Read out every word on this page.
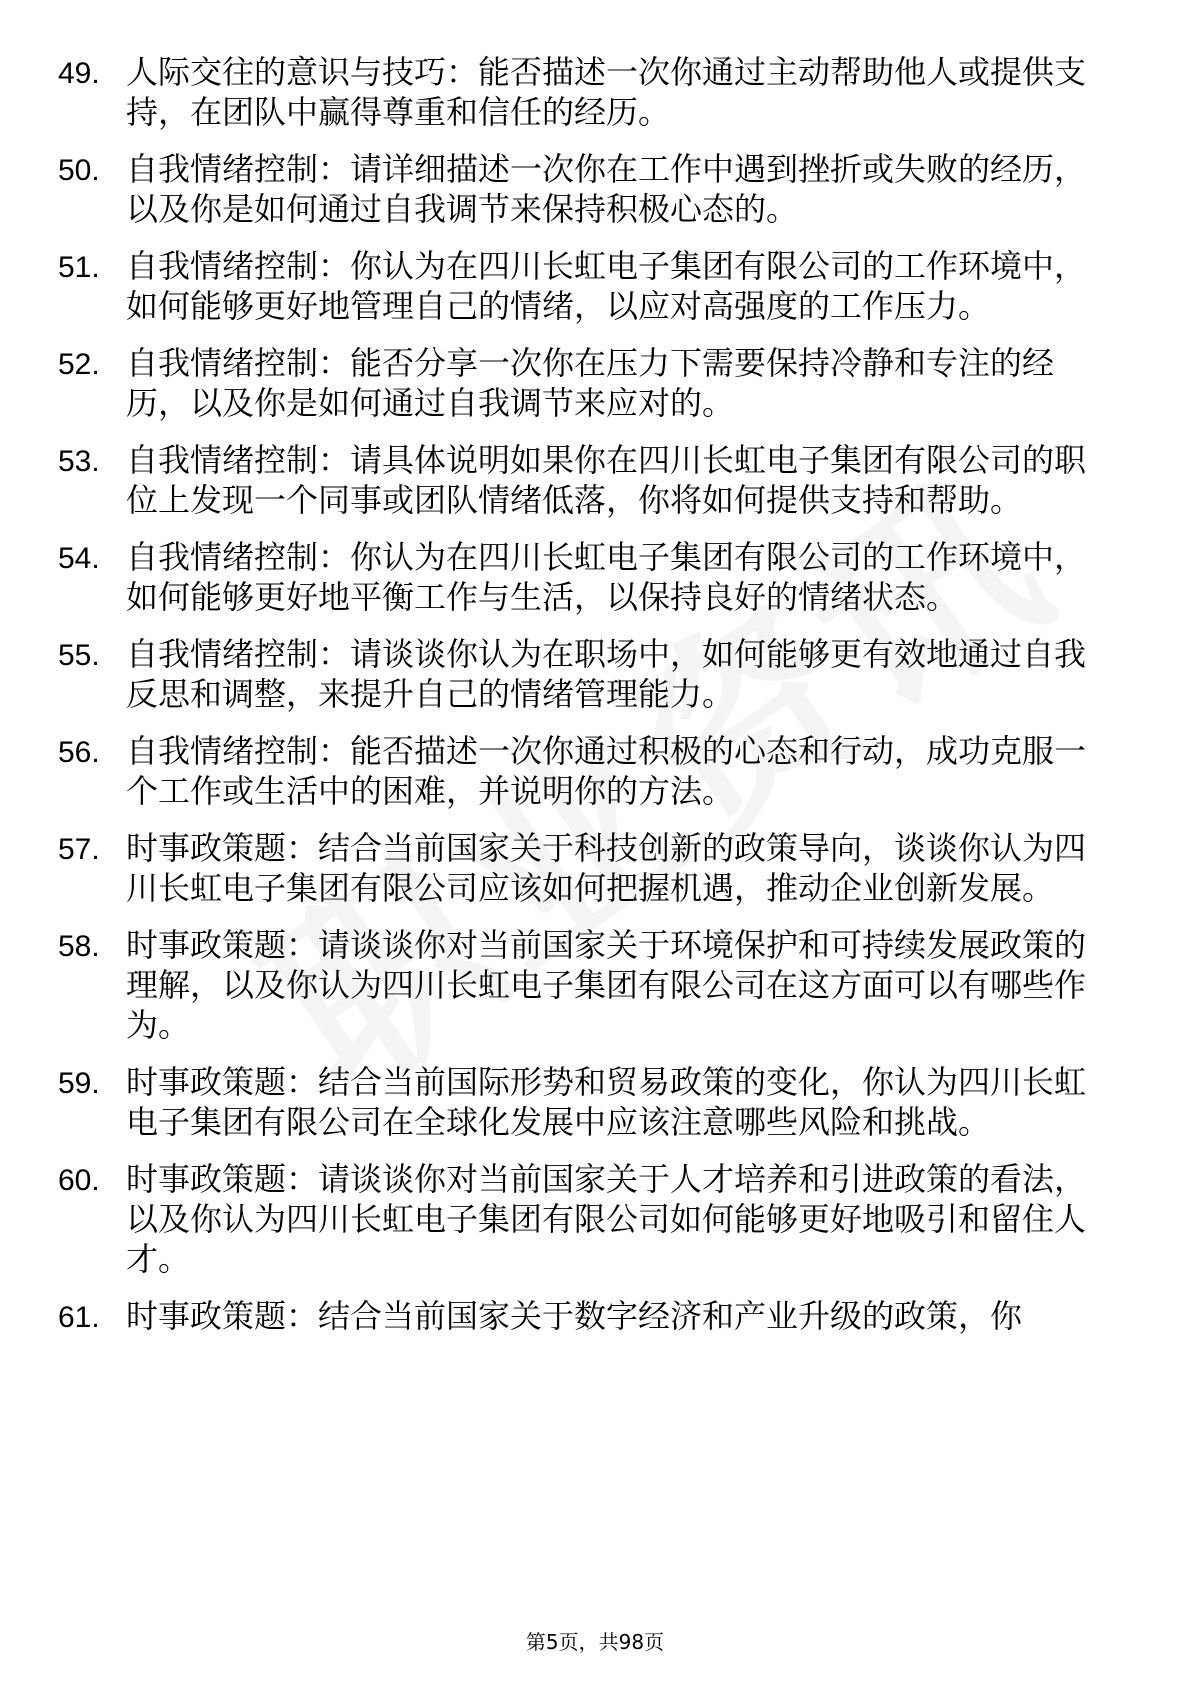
49. 人际交往的意识与技巧：能否描述一次你通过主动帮助他人或提供支持，在团队中赢得尊重和信任的经历。
50. 自我情绪控制：请详细描述一次你在工作中遇到挫折或失败的经历，以及你是如何通过自我调节来保持积极心态的。
51. 自我情绪控制：你认为在四川长虹电子集团有限公司的工作环境中，如何能够更好地管理自己的情绪，以应对高强度的工作压力。
52. 自我情绪控制：能否分享一次你在压力下需要保持冷静和专注的经历，以及你是如何通过自我调节来应对的。
53. 自我情绪控制：请具体说明如果你在四川长虹电子集团有限公司的职位上发现一个同事或团队情绪低落，你将如何提供支持和帮助。
54. 自我情绪控制：你认为在四川长虹电子集团有限公司的工作环境中，如何能够更好地平衡工作与生活，以保持良好的情绪状态。
55. 自我情绪控制：请谈谈你认为在职场中，如何能够更有效地通过自我反思和调整，来提升自己的情绪管理能力。
56. 自我情绪控制：能否描述一次你通过积极的心态和行动，成功克服一个工作或生活中的困难，并说明你的方法。
57. 时事政策题：结合当前国家关于科技创新的政策导向，谈谈你认为四川长虹电子集团有限公司应该如何把握机遇，推动企业创新发展。
58. 时事政策题：请谈谈你对当前国家关于环境保护和可持续发展政策的理解，以及你认为四川长虹电子集团有限公司在这方面可以有哪些作为。
59. 时事政策题：结合当前国际形势和贸易政策的变化，你认为四川长虹电子集团有限公司在全球化发展中应该注意哪些风险和挑战。
60. 时事政策题：请谈谈你对当前国家关于人才培养和引进政策的看法，以及你认为四川长虹电子集团有限公司如何能够更好地吸引和留住人才。
61. 时事政策题：结合当前国家关于数字经济和产业升级的政策，你
第5页，共98页
